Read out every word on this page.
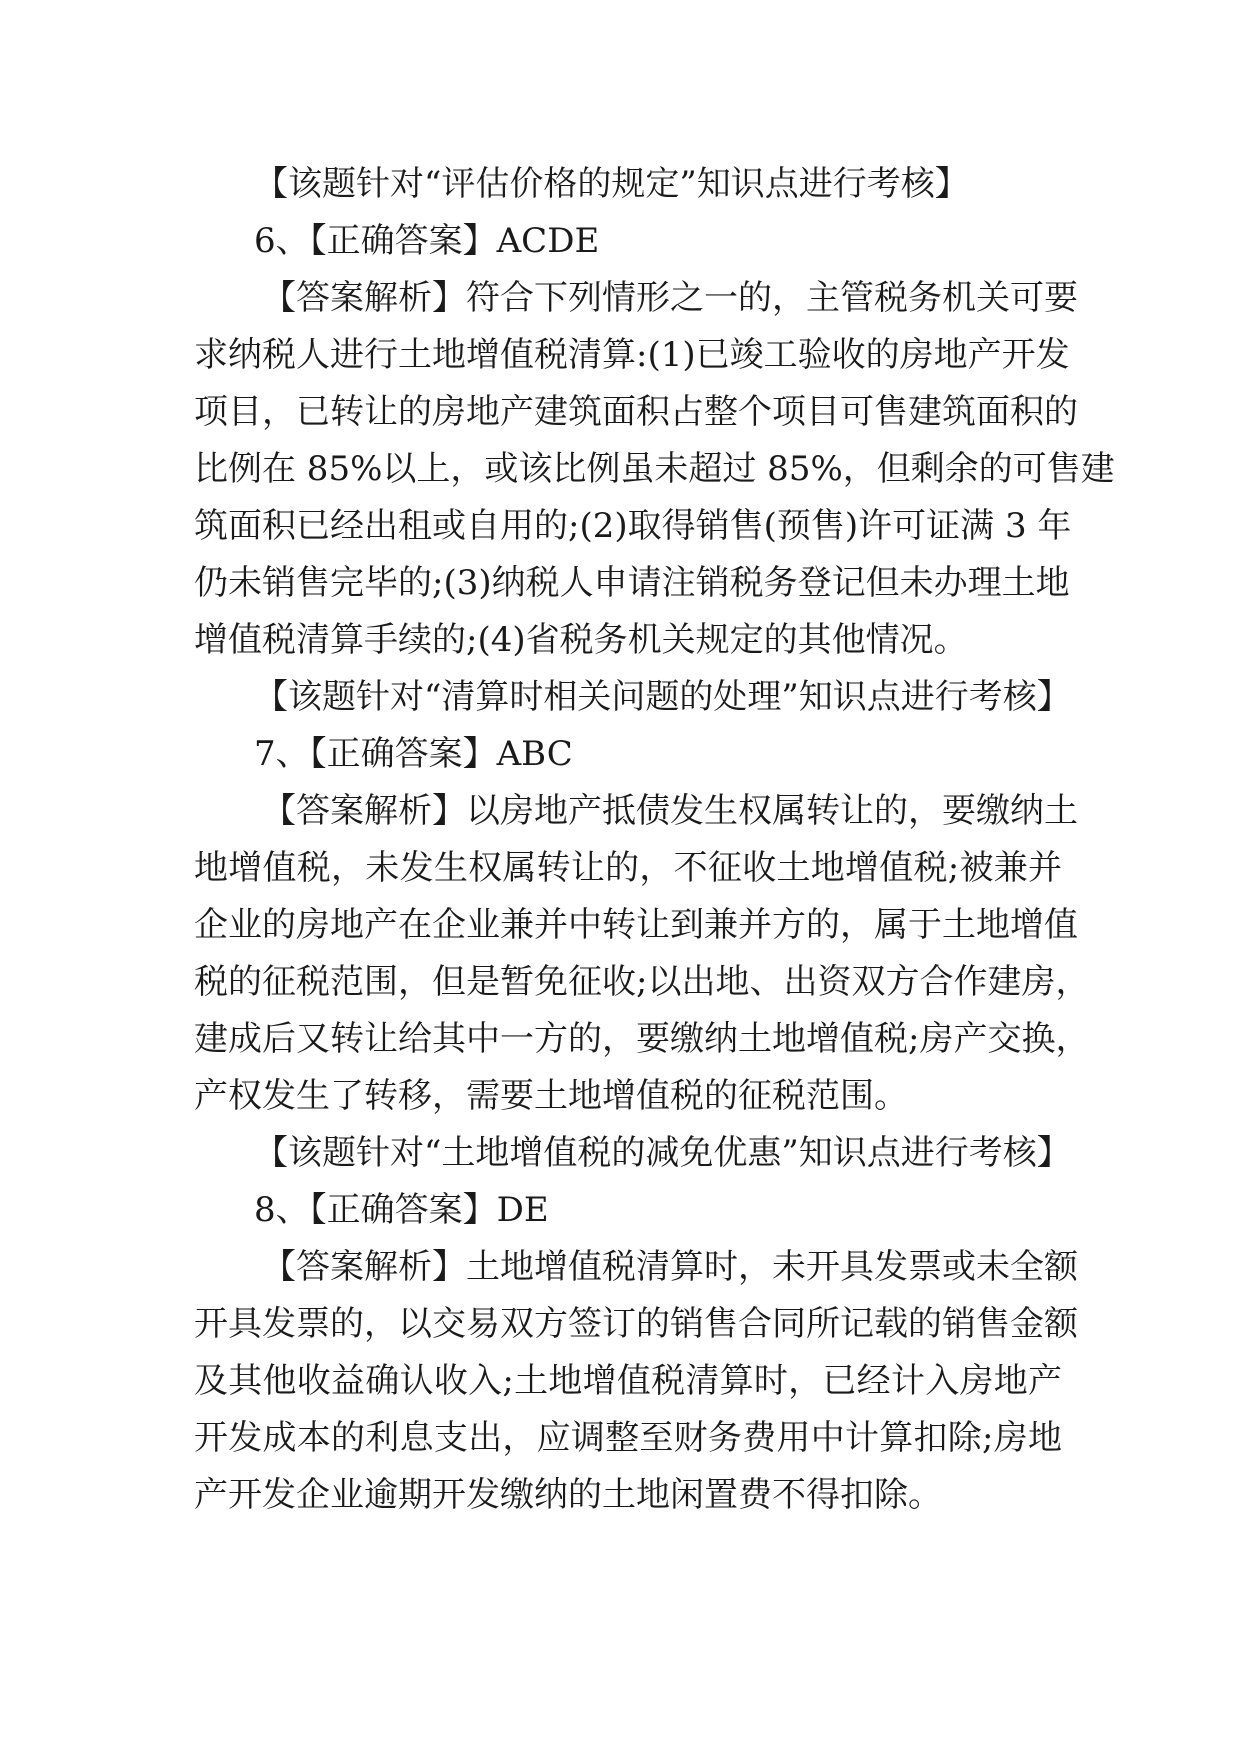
【该题针对“评估价格的规定”知识点进行考核】
6、【正确答案】ACDE
【答案解析】符合下列情形之一的，主管税务机关可要
求纳税人进行土地增值税清算:(1)已竣工验收的房地产开发
项目，已转让的房地产建筑面积占整个项目可售建筑面积的
比例在 85%以上，或该比例虽未超过 85%，但剩余的可售建
筑面积已经出租或自用的;(2)取得销售(预售)许可证满 3 年
仍未销售完毕的;(3)纳税人申请注销税务登记但未办理土地
增值税清算手续的;(4)省税务机关规定的其他情况。
【该题针对“清算时相关问题的处理”知识点进行考核】
7、【正确答案】ABC
【答案解析】以房地产抵债发生权属转让的，要缴纳土
地增值税，未发生权属转让的，不征收土地增值税;被兼并
企业的房地产在企业兼并中转让到兼并方的，属于土地增值
税的征税范围，但是暂免征收;以出地、出资双方合作建房，
建成后又转让给其中一方的，要缴纳土地增值税;房产交换，
产权发生了转移，需要土地增值税的征税范围。
【该题针对“土地增值税的减免优惠”知识点进行考核】
8、【正确答案】DE
【答案解析】土地增值税清算时，未开具发票或未全额
开具发票的，以交易双方签订的销售合同所记载的销售金额
及其他收益确认收入;土地增值税清算时，已经计入房地产
开发成本的利息支出，应调整至财务费用中计算扣除;房地
产开发企业逾期开发缴纳的土地闲置费不得扣除。
